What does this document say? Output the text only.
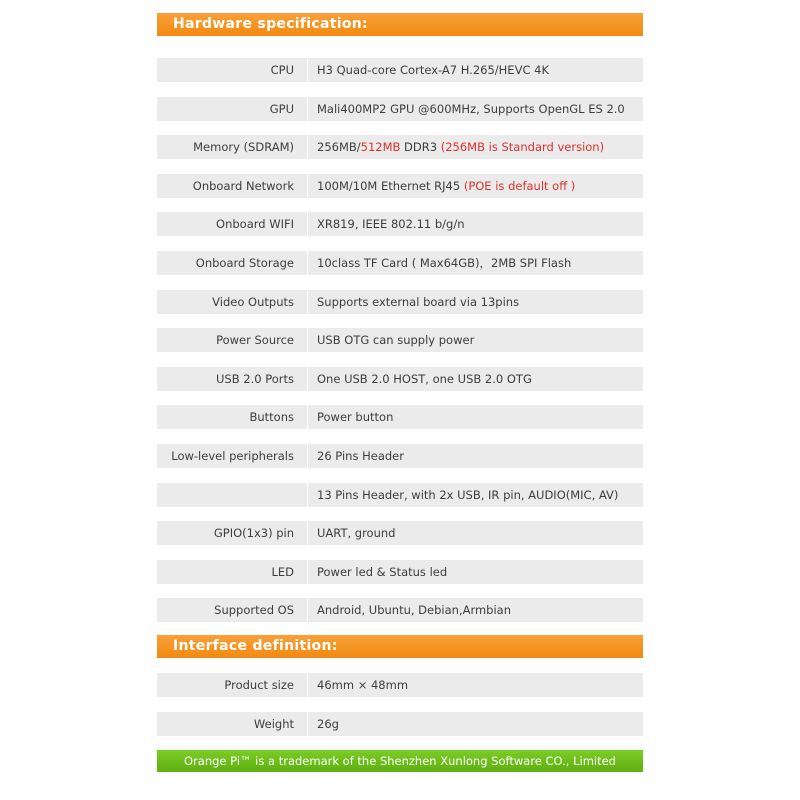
Hardware specification:
CPU H3 Quad-core Cortex-A7 H.265/HEVC 4K
GPU Mali400MP2 GPU @600MHz, Supports OpenGL ES 2.0
Memory (SDRAM) 256MB/512MB DDR3 (256MB is Standard version)
Onboard Network 100M/10M Ethernet RJ45 (POE is default off )
Onboard WIFI XR819, IEEE 802.11 b/g/n
Onboard Storage 10class TF Card ( Max64GB)，2MB SPI Flash
Video Outputs Supports external board via 13pins
Power Source USB OTG can supply power
USB 2.0 Ports One USB 2.0 HOST, one USB 2.0 OTG
Buttons Power button
Low-level peripherals 26 Pins Header
13 Pins Header, with 2x USB, IR pin, AUDIO(MIC, AV)
GPIO(1x3) pin UART, ground
LED Power led & Status led
Supported OS Android, Ubuntu, Debian,Armbian
Interface definition:
Product size 46mm × 48mm
Weight 26g
Orange Pi™ is a trademark of the Shenzhen Xunlong Software CO., Limited
